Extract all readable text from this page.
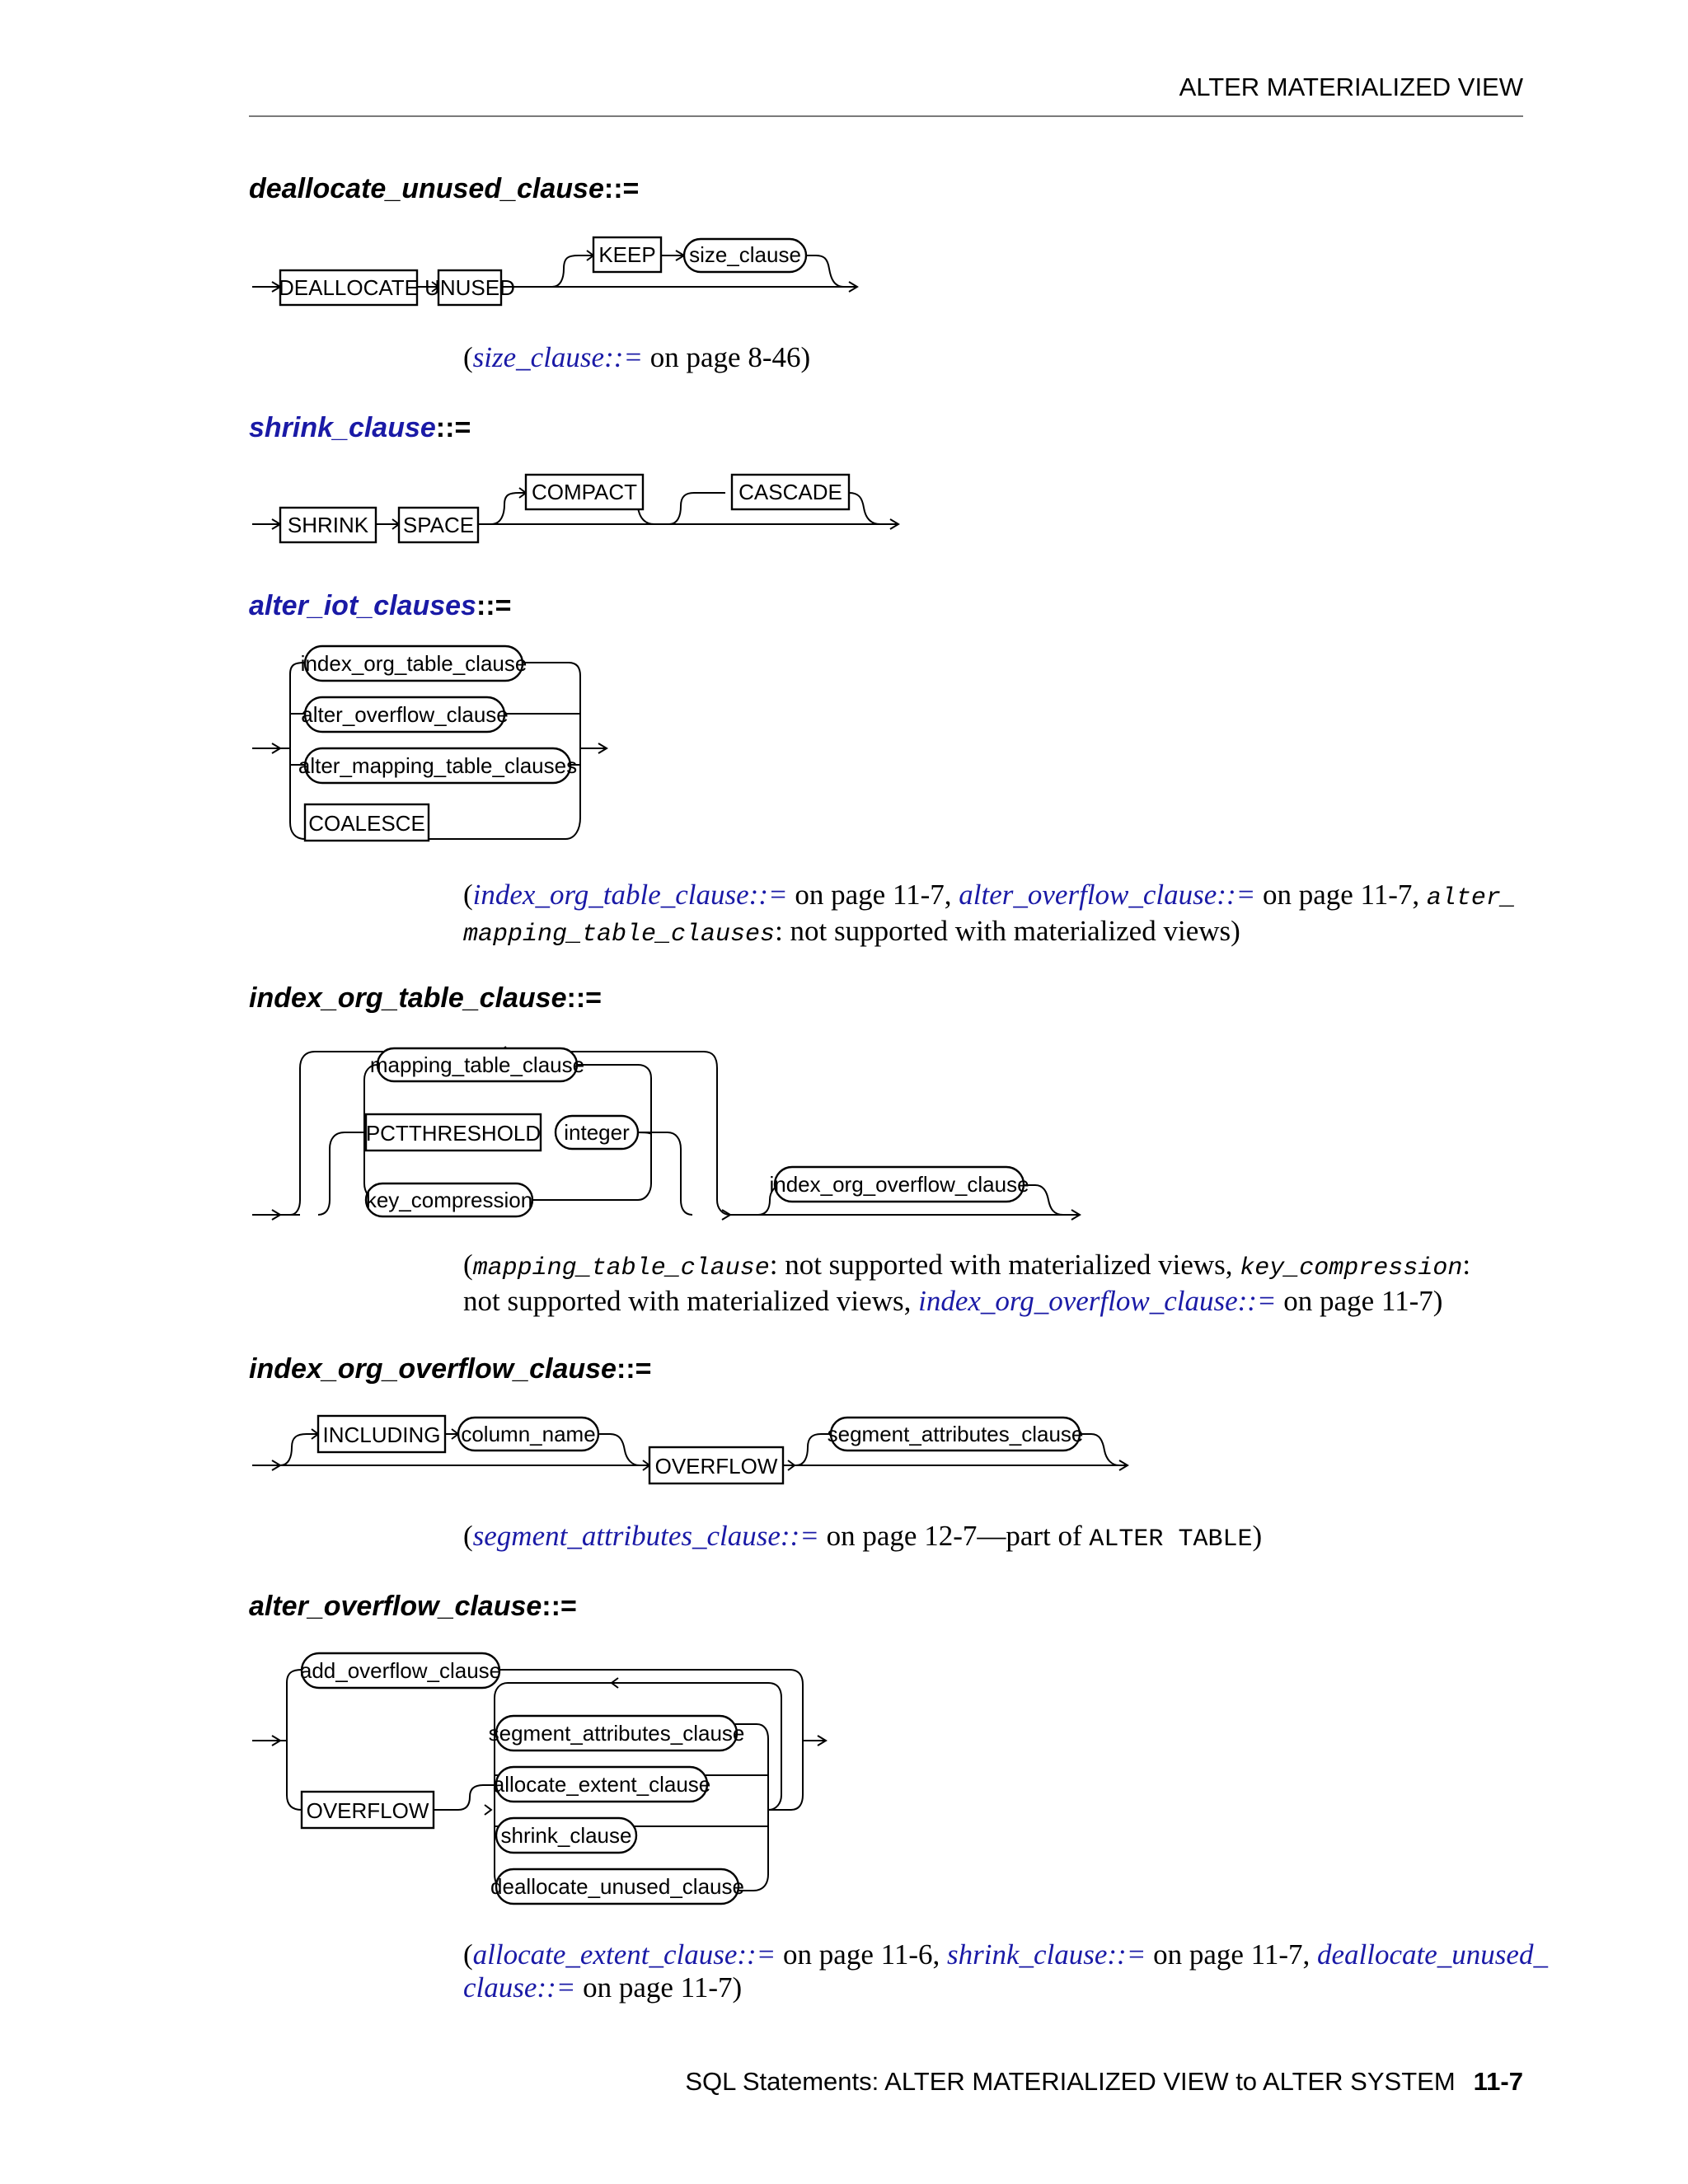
ALTER MATERIALIZED VIEW
deallocate_unused_clause::=
DEALLOCATE UNUSED
KEEP size_clause
(size_clause::= on page 8-46)
shrink_clause::=
SHRINK SPACE
COMPACT	CASCADE
alter_iot_clauses::=
index_org_table_clause
alter_overflow_clause
alter_mapping_table_clauses
COALESCE
(index_org_table_clause::= on page 11-7, alter_overflow_clause::= on page 11-7, alter_
mapping_table_clauses: not supported with materialized views)
index_org_table_clause::=
mapping_table_clause
PCTTHRESHOLD integer
key_compression
index_org_overflow_clause
(mapping_table_clause: not supported with materialized views, key_compression:
not supported with materialized views, index_org_overflow_clause::= on page 11-7)
index_org_overflow_clause::=
INCLUDING column_name
OVERFLOW
segment_attributes_clause
(segment_attributes_clause::= on page 12-7—part of ALTER TABLE)
alter_overflow_clause::=
add_overflow_clause
OVERFLOW
segment_attributes_clause
allocate_extent_clause
shrink_clause
deallocate_unused_clause
(allocate_extent_clause::= on page 11-6, shrink_clause::= on page 11-7, deallocate_unused_
clause::= on page 11-7)
SQL Statements: ALTER MATERIALIZED VIEW to ALTER SYSTEM 11-7
